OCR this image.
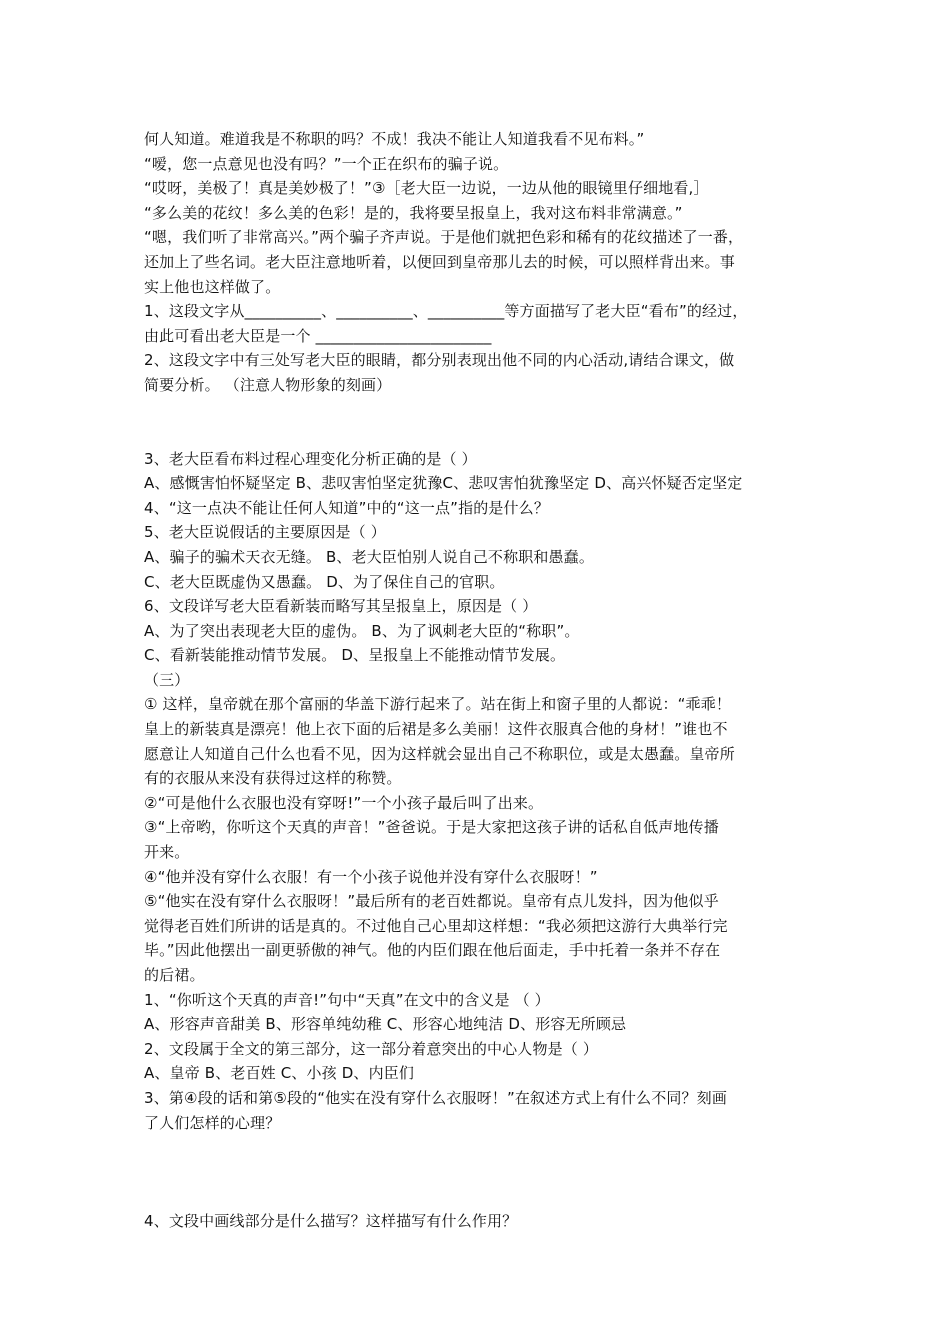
何人知道。难道我是不称职的吗？不成！我决不能让人知道我看不见布料。”
“嗳，您一点意见也没有吗？”一个正在织布的骗子说。
“哎呀，美极了！真是美妙极了！”③［老大臣一边说，一边从他的眼镜里仔细地看,］
“多么美的花纹！多么美的色彩！是的，我将要呈报皇上，我对这布料非常满意。”
“嗯，我们听了非常高兴。”两个骗子齐声说。于是他们就把色彩和稀有的花纹描述了一番，
还加上了些名词。老大臣注意地听着，以便回到皇帝那儿去的时候，可以照样背出来。事
实上他也这样做了。
1、这段文字从__________、__________、__________等方面描写了老大臣“看布”的经过，
由此可看出老大臣是一个 _______________________
2、这段文字中有三处写老大臣的眼睛，都分别表现出他不同的内心活动,请结合课文，做
简要分析。 （注意人物形象的刻画）
3、老大臣看布料过程心理变化分析正确的是（ ）
A、感慨害怕怀疑坚定 B、悲叹害怕坚定犹豫C、悲叹害怕犹豫坚定 D、高兴怀疑否定坚定
4、“这一点决不能让任何人知道”中的“这一点”指的是什么？
5、老大臣说假话的主要原因是（ ）
A、骗子的骗术天衣无缝。 B、老大臣怕别人说自己不称职和愚蠢。
C、老大臣既虚伪又愚蠢。 D、为了保住自己的官职。
6、文段详写老大臣看新装而略写其呈报皇上，原因是（ ）
A、为了突出表现老大臣的虚伪。 B、为了讽刺老大臣的“称职”。
C、看新装能推动情节发展。 D、呈报皇上不能推动情节发展。
（三）
① 这样，皇帝就在那个富丽的华盖下游行起来了。站在街上和窗子里的人都说：“乖乖！
皇上的新装真是漂亮！他上衣下面的后裙是多么美丽！这件衣服真合他的身材！”谁也不
愿意让人知道自己什么也看不见，因为这样就会显出自己不称职位，或是太愚蠢。皇帝所
有的衣服从来没有获得过这样的称赞。
②“可是他什么衣服也没有穿呀!”一个小孩子最后叫了出来。
③“上帝哟，你听这个天真的声音！”爸爸说。于是大家把这孩子讲的话私自低声地传播
开来。
④“他并没有穿什么衣服！有一个小孩子说他并没有穿什么衣服呀！”
⑤“他实在没有穿什么衣服呀！”最后所有的老百姓都说。皇帝有点儿发抖，因为他似乎
觉得老百姓们所讲的话是真的。不过他自己心里却这样想：“我必须把这游行大典举行完
毕。”因此他摆出一副更骄傲的神气。他的内臣们跟在他后面走，手中托着一条并不存在
的后裙。
1、“你听这个天真的声音!”句中“天真”在文中的含义是 （ ）
A、形容声音甜美 B、形容单纯幼稚 C、形容心地纯洁 D、形容无所顾忌
2、文段属于全文的第三部分，这一部分着意突出的中心人物是（ ）
A、皇帝 B、老百姓 C、小孩 D、内臣们
3、第④段的话和第⑤段的“他实在没有穿什么衣服呀！”在叙述方式上有什么不同？刻画
了人们怎样的心理？
4、文段中画线部分是什么描写？这样描写有什么作用？
